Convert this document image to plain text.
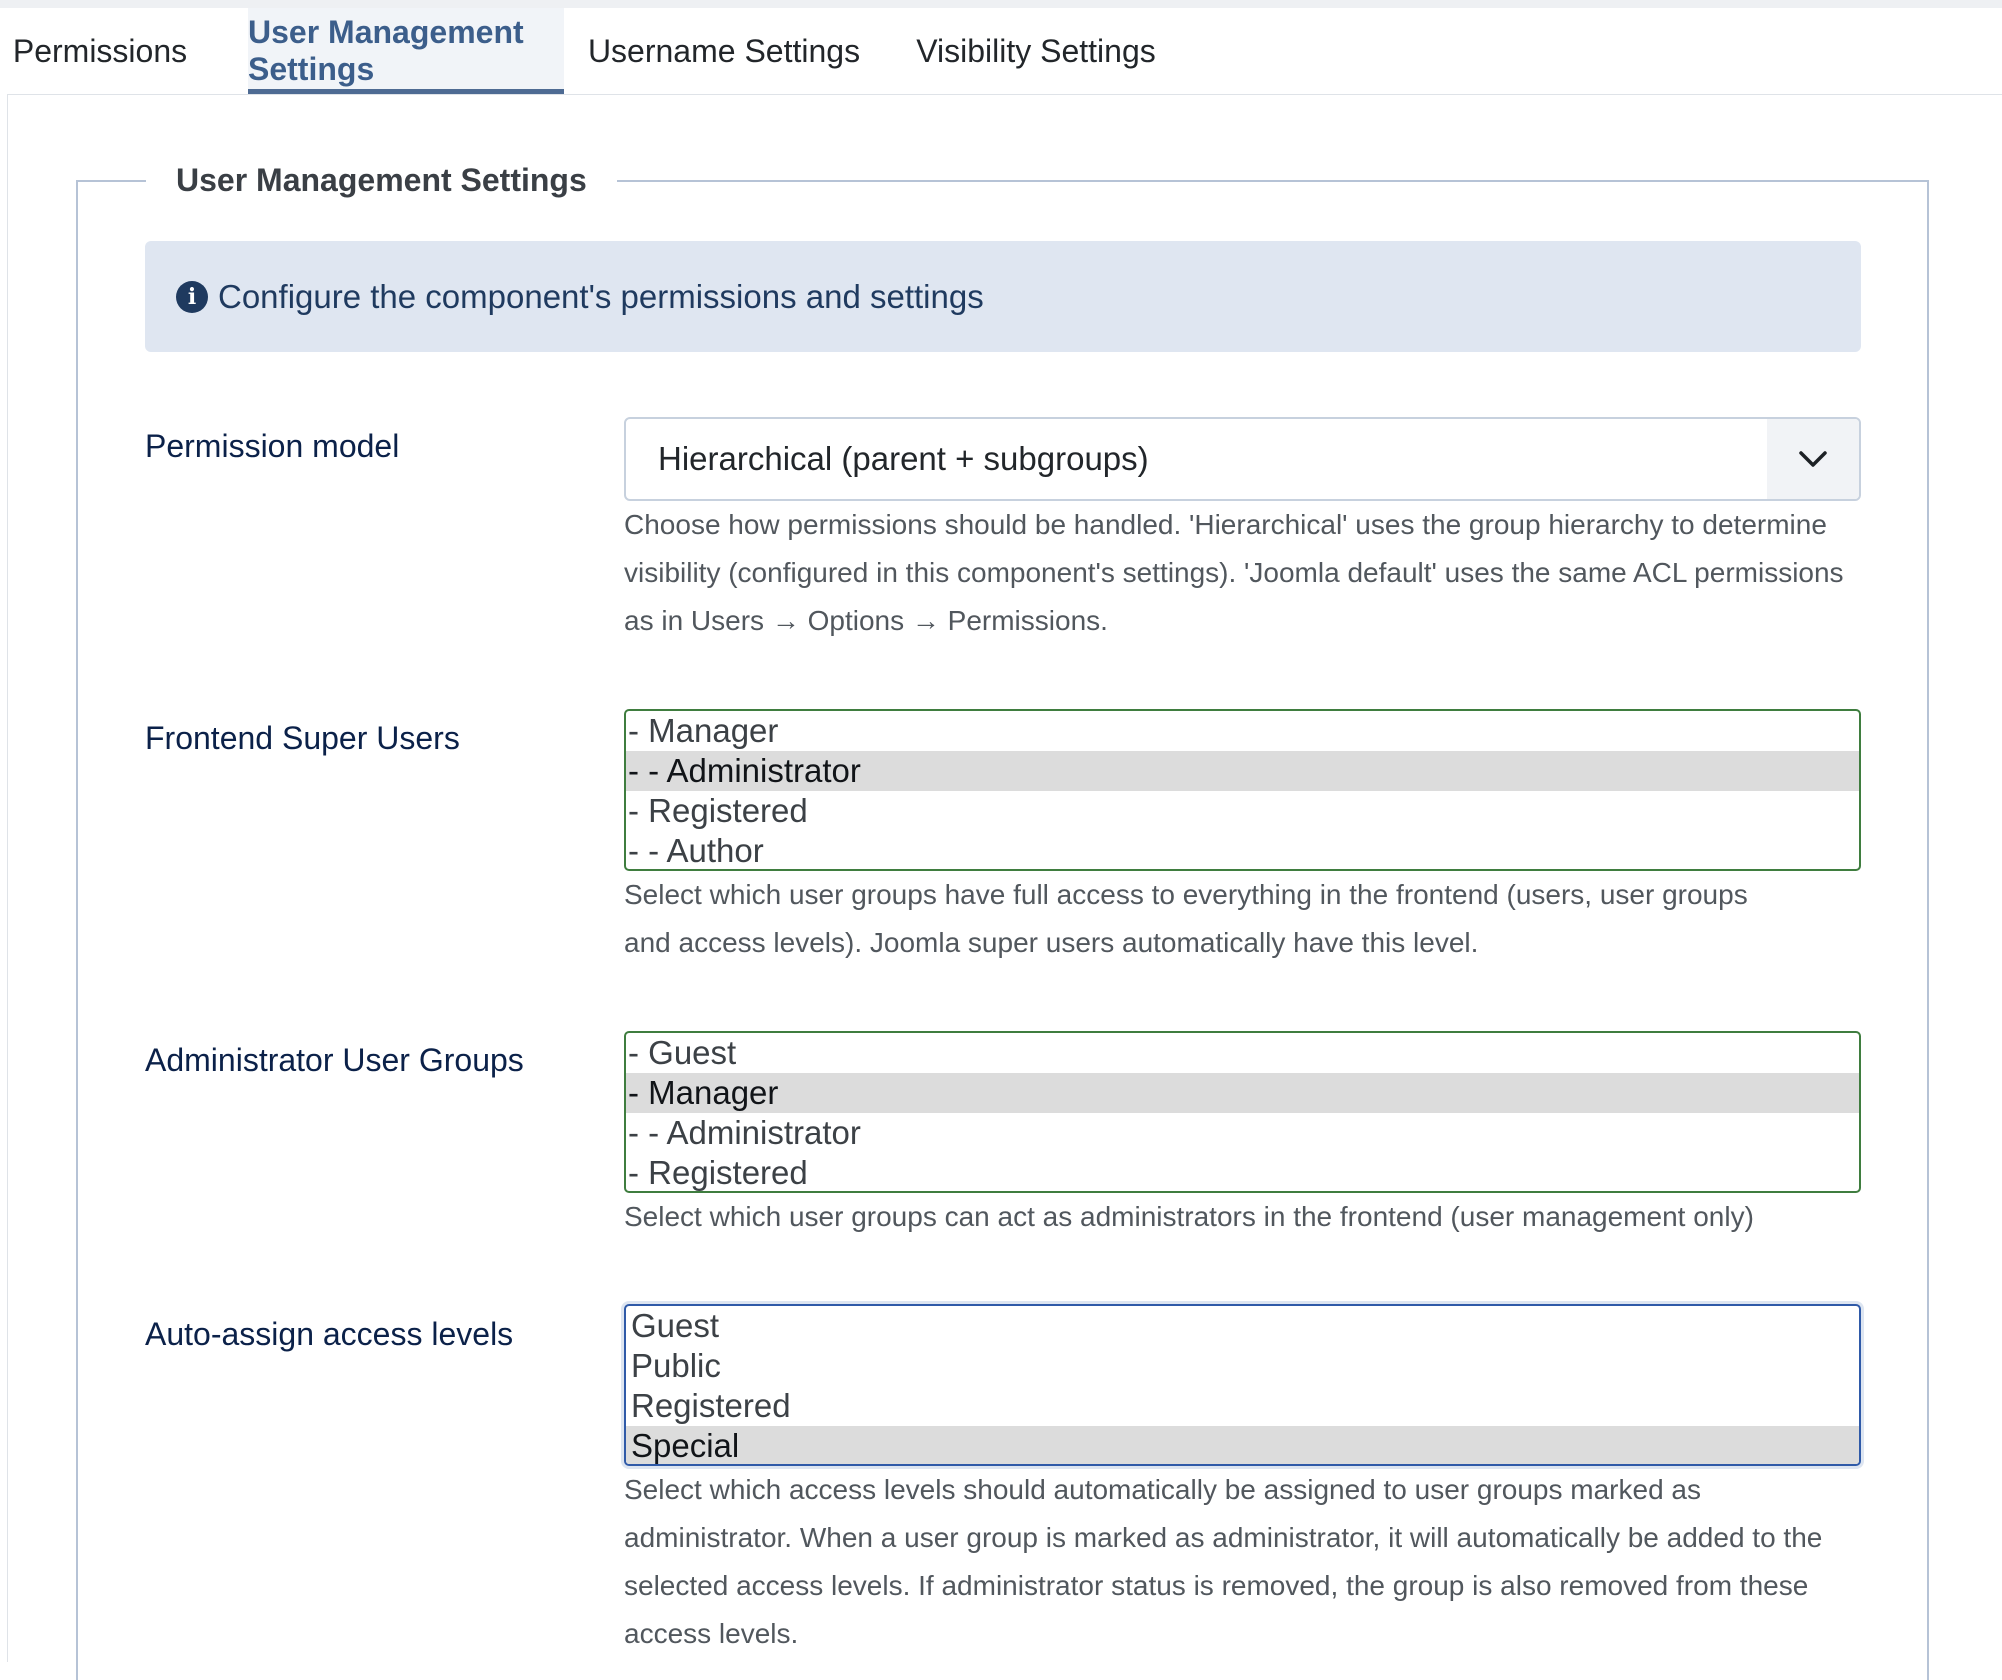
Permissions
User Management Settings
Username Settings	Visibility Settings
User Management Settings
i Configure the component's permissions and settings
Permission model	Hierarchical (parent + subgroups)
Choose how permissions should be handled. 'Hierarchical' uses the group hierarchy to determine visibility (configured in this component's settings). 'Joomla default' uses the same ACL permissions as in Users → Options → Permissions.
Frontend Super Users	- Manager
- - Administrator
- Registered
- - Author
Select which user groups have full access to everything in the frontend (users, user groups and access levels). Joomla super users automatically have this level.
Administrator User Groups	- Guest
- Manager
- - Administrator
- Registered
Select which user groups can act as administrators in the frontend (user management only)
Auto-assign access levels	Guest
Public
Registered
Special
Select which access levels should automatically be assigned to user groups marked as administrator. When a user group is marked as administrator, it will automatically be added to the selected access levels. If administrator status is removed, the group is also removed from these access levels.
